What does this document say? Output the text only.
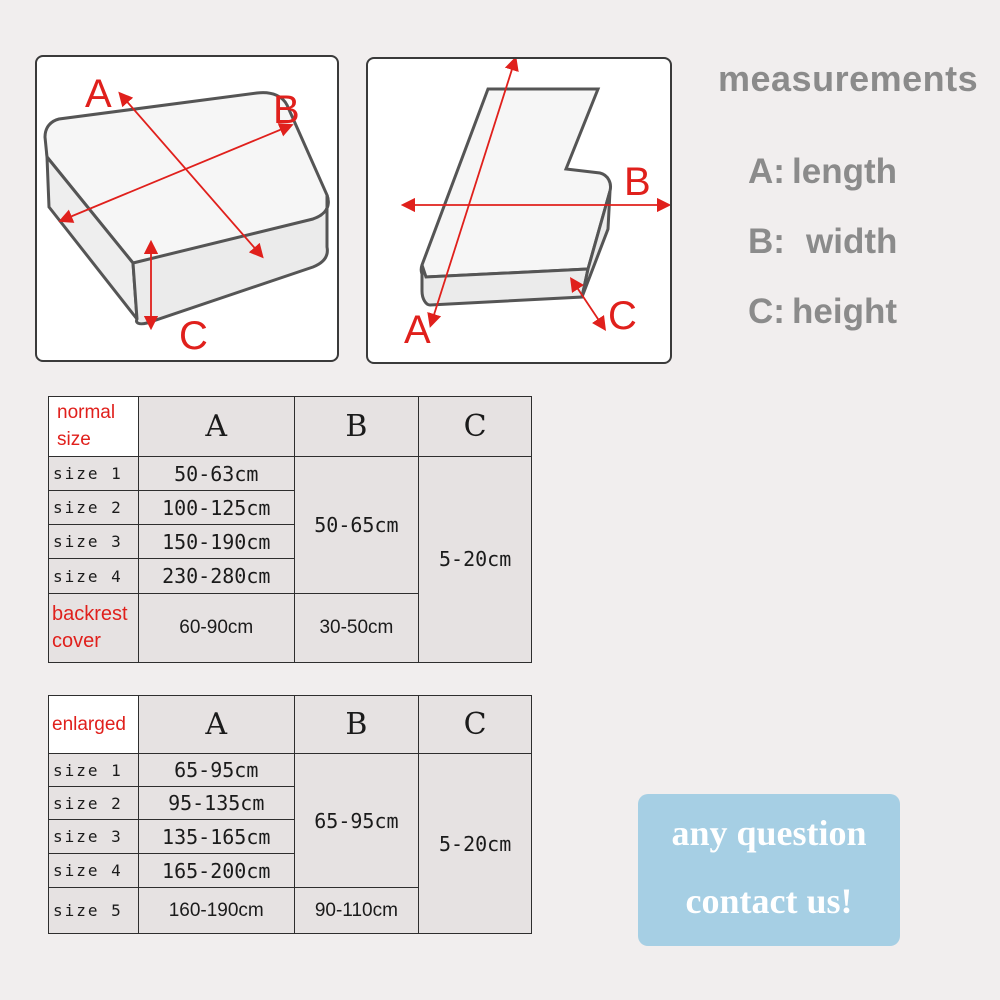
A	B
C	A
B
C
measurements
A: length
B: width
C: height
normal
size	A	B	C
size 1	50-63cm	50-65cm	5-20cm
size 2	100-125cm		
size 3	150-190cm		
size 4	230-280cm		
backrest
cover	60-90cm	30-50cm	
enlarged	A	B	C
size 1	65-95cm	65-95cm	5-20cm
size 2	95-135cm		
size 3	135-165cm		
size 4	165-200cm		
size 5	160-190cm	90-110cm	
any question
contact us!
